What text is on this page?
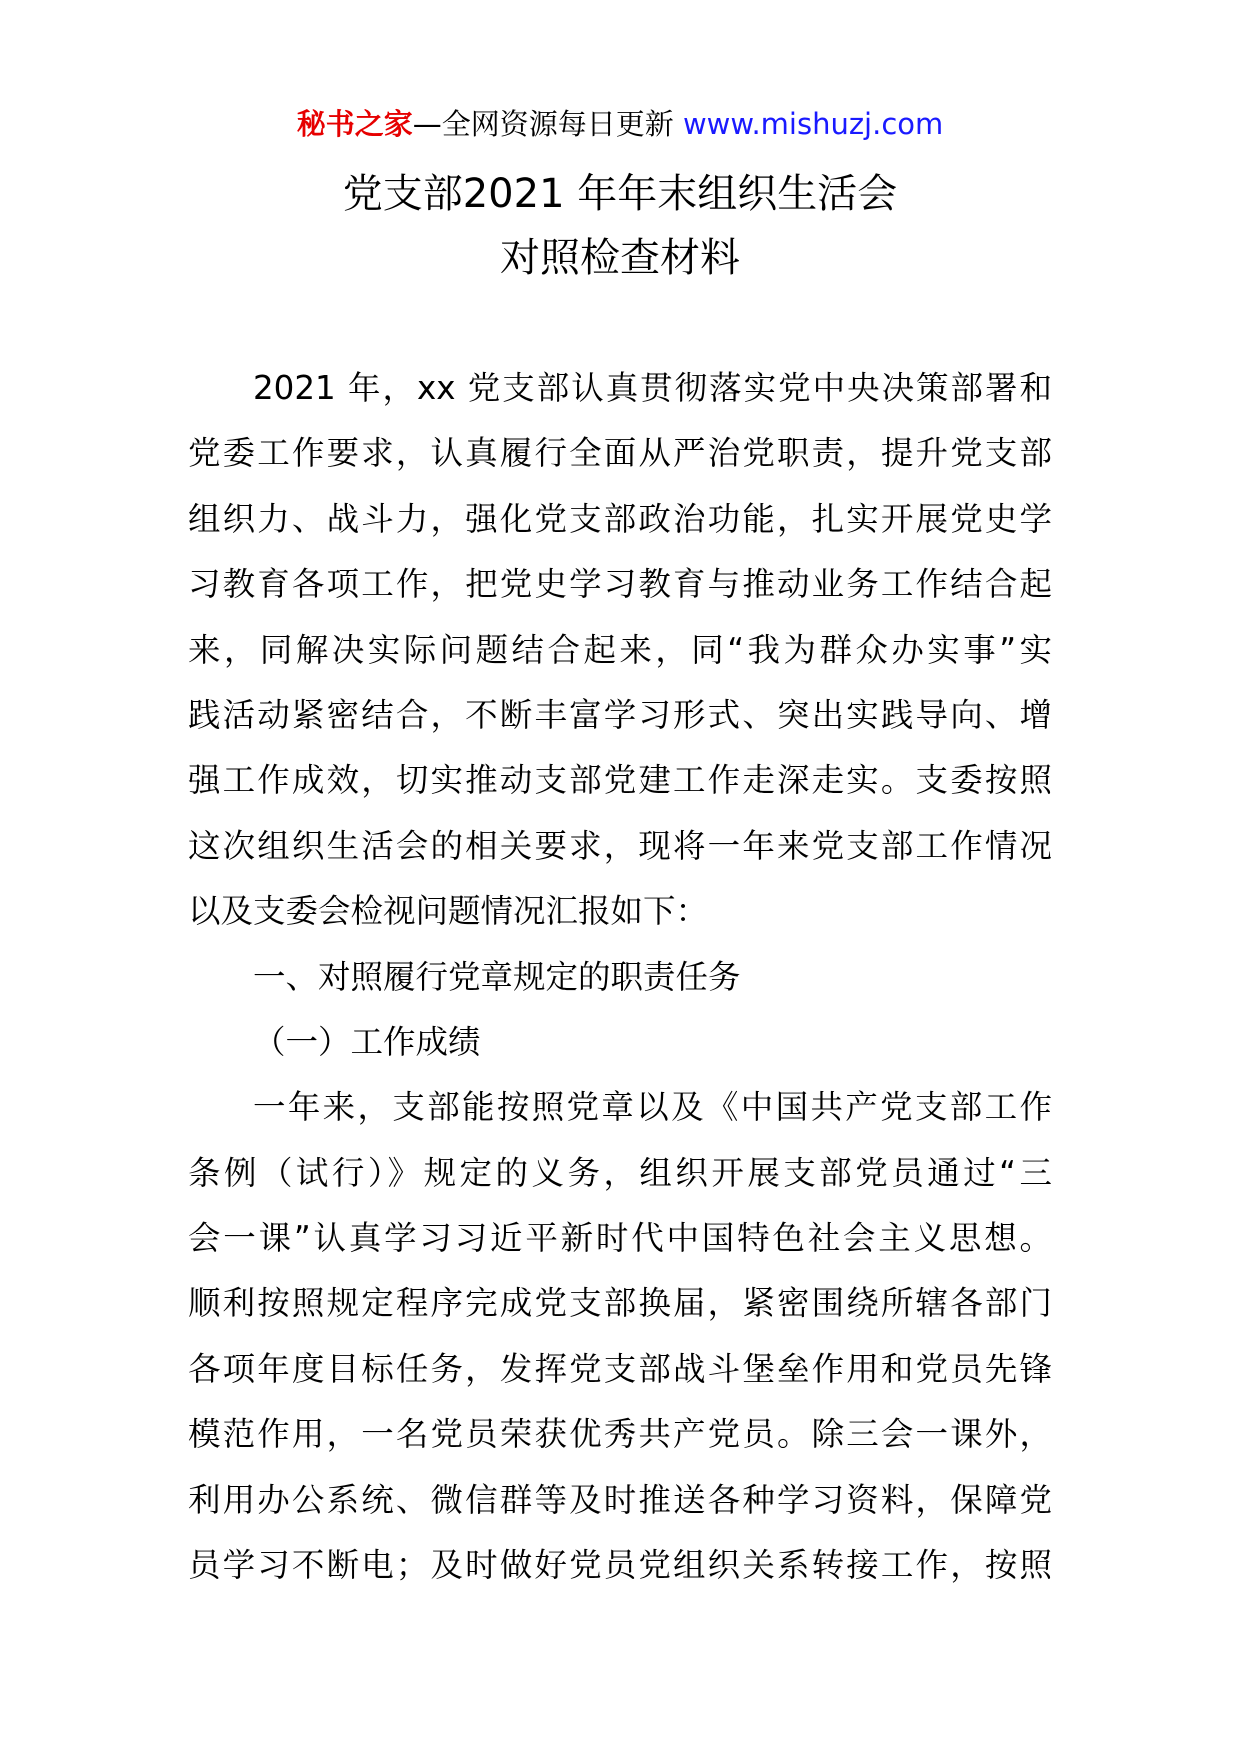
秘书之家—全网资源每日更新 www.mishuzj.com
党支部2021 年年末组织生活会
对照检查材料
2021 年，xx 党支部认真贯彻落实党中央决策部署和
党委工作要求，认真履行全面从严治党职责，提升党支部
组织力、战斗力，强化党支部政治功能，扎实开展党史学
习教育各项工作，把党史学习教育与推动业务工作结合起
来，同解决实际问题结合起来，同“我为群众办实事”实
践活动紧密结合，不断丰富学习形式、突出实践导向、增
强工作成效，切实推动支部党建工作走深走实。支委按照
这次组织生活会的相关要求，现将一年来党支部工作情况
以及支委会检视问题情况汇报如下：
一、对照履行党章规定的职责任务
（一）工作成绩
一年来，支部能按照党章以及《中国共产党支部工作
条例（试行）》规定的义务，组织开展支部党员通过“三
会一课”认真学习习近平新时代中国特色社会主义思想。
顺利按照规定程序完成党支部换届，紧密围绕所辖各部门
各项年度目标任务，发挥党支部战斗堡垒作用和党员先锋
模范作用，一名党员荣获优秀共产党员。除三会一课外，
利用办公系统、微信群等及时推送各种学习资料，保障党
员学习不断电；及时做好党员党组织关系转接工作，按照
